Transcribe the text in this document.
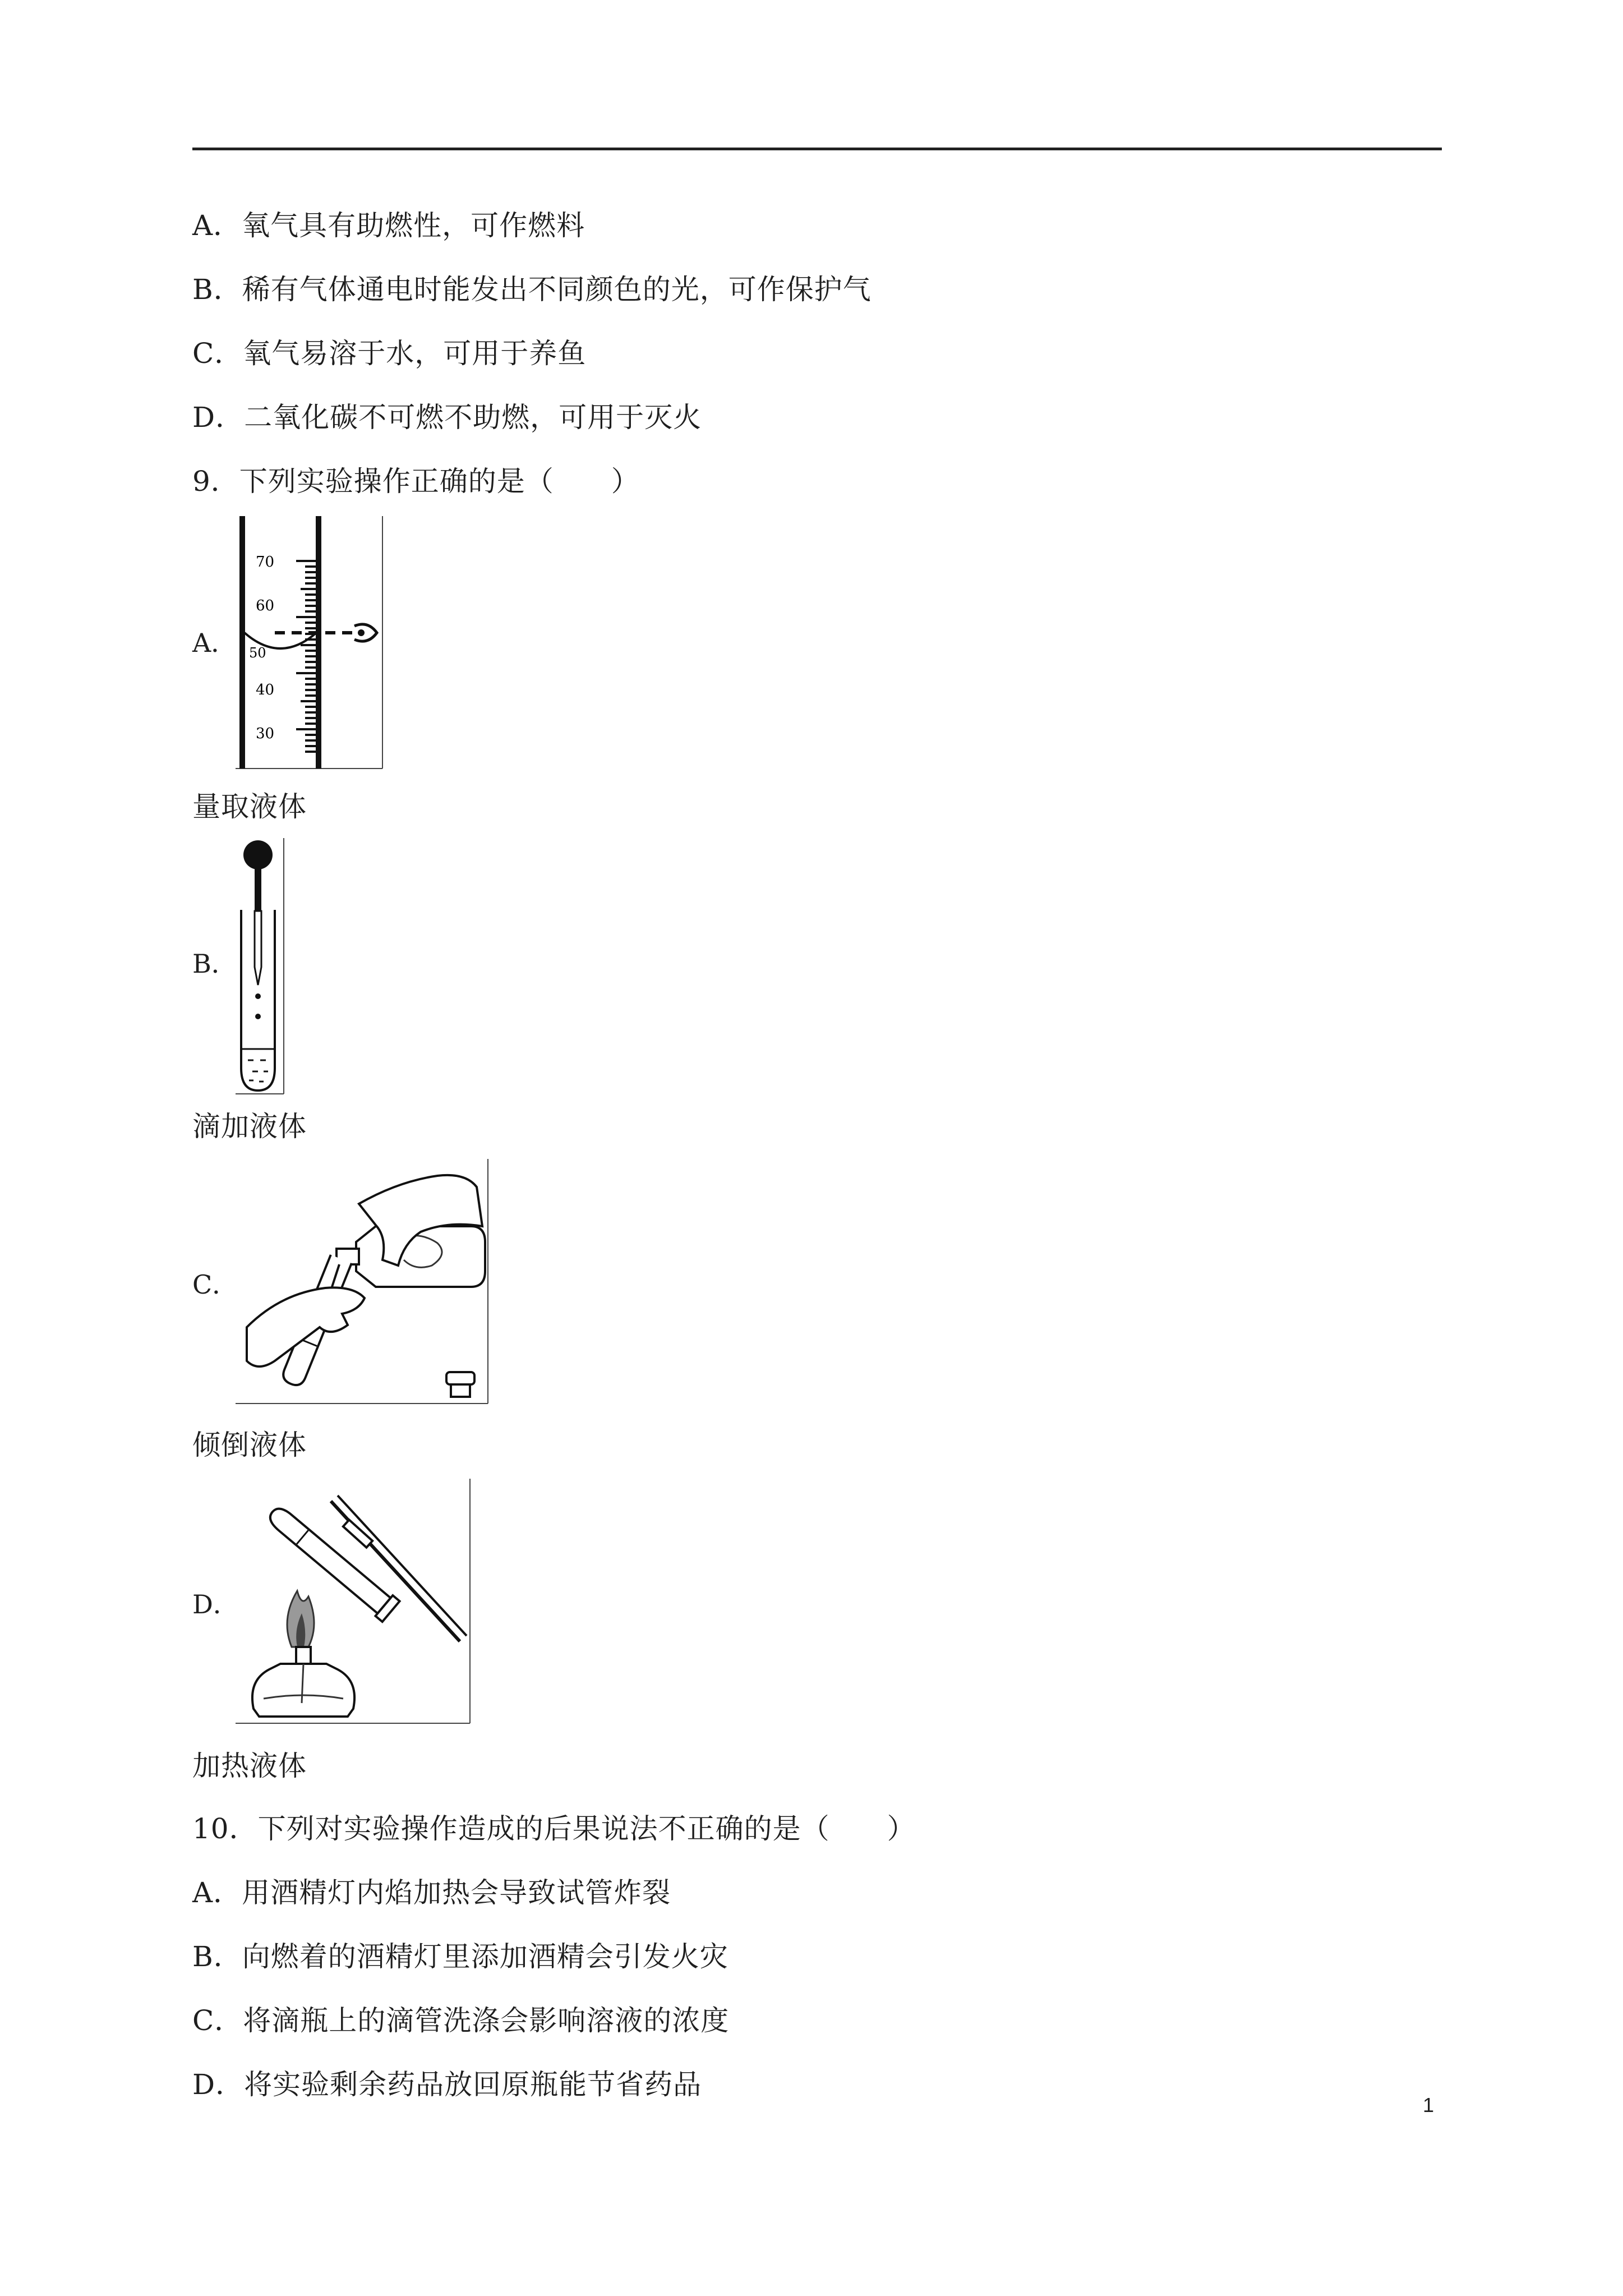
A．氧气具有助燃性，可作燃料
B．稀有气体通电时能发出不同颜色的光，可作保护气
C．氧气易溶于水，可用于养鱼
D．二氧化碳不可燃不助燃，可用于灭火
9．下列实验操作正确的是（　　）
A．
70
60
50
40
30
量取液体
B．
滴加液体
C．
倾倒液体
D．
加热液体
10．下列对实验操作造成的后果说法不正确的是（　　）
A．用酒精灯内焰加热会导致试管炸裂
B．向燃着的酒精灯里添加酒精会引发火灾
C．将滴瓶上的滴管洗涤会影响溶液的浓度
D．将实验剩余药品放回原瓶能节省药品
1
